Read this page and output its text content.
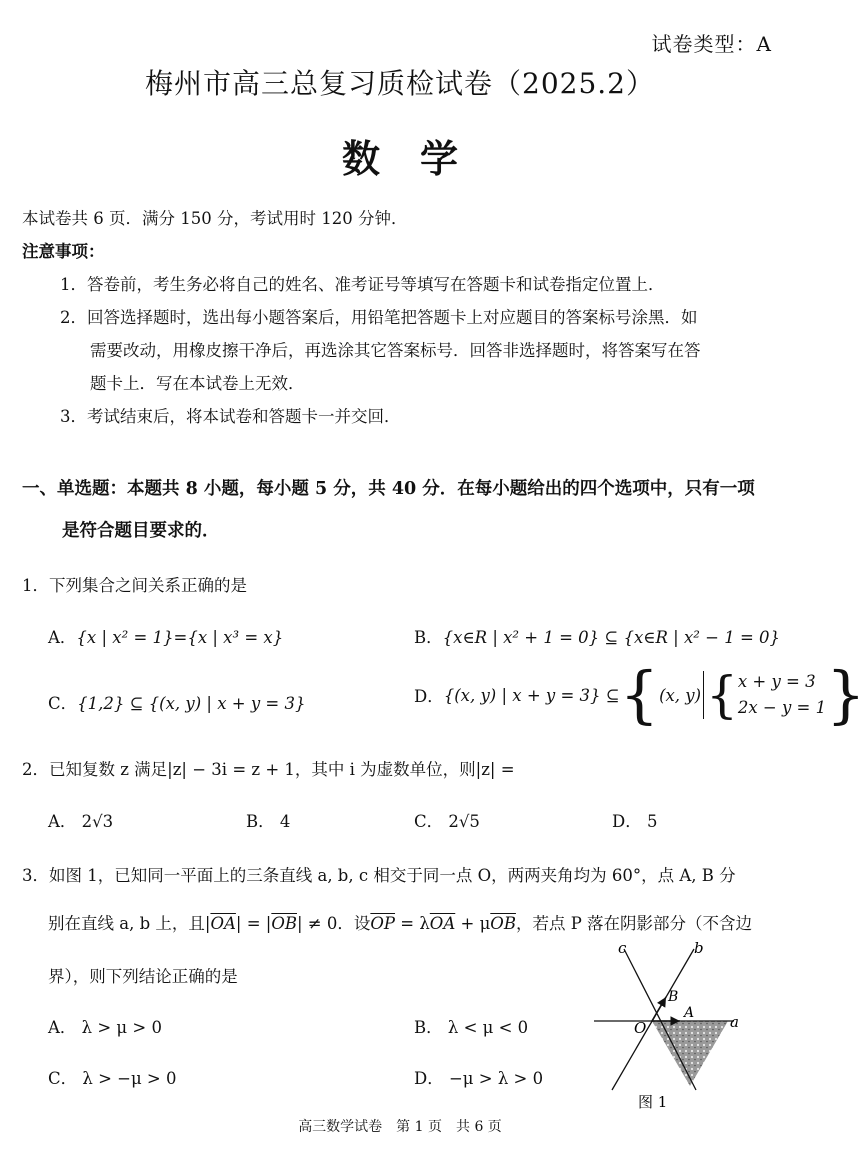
试卷类型：A
梅州市高三总复习质检试卷（2025.2）
数学
本试卷共 6 页．满分 150 分，考试用时 120 分钟．
注意事项：
1．答卷前，考生务必将自己的姓名、准考证号等填写在答题卡和试卷指定位置上．
2．回答选择题时，选出每小题答案后，用铅笔把答题卡上对应题目的答案标号涂黑．如
需要改动，用橡皮擦干净后，再选涂其它答案标号．回答非选择题时，将答案写在答
题卡上．写在本试卷上无效．
3．考试结束后，将本试卷和答题卡一并交回．
一、单选题：本题共 8 小题，每小题 5 分，共 40 分．在每小题给出的四个选项中，只有一项
是符合题目要求的．
1．下列集合之间关系正确的是
A．{x | x² = 1}={x | x³ = x}	B．{x∈R | x² + 1 = 0} ⊆ {x∈R | x² − 1 = 0}
C．{1,2} ⊆ {(x, y) | x + y = 3}	D． {(x, y) | x + y = 3} ⊆ { (x, y) { x + y = 3
2x − y = 1 }
2．已知复数 z 满足|z| − 3i = z + 1，其中 i 为虚数单位，则|z| =
A． 2√3	B． 4	C． 2√5	D． 5
3．如图 1，已知同一平面上的三条直线 a, b, c 相交于同一点 O，两两夹角均为 60°，点 A, B 分
别在直线 a, b 上，且$|\overline{OA}| = |\overline{OB}| \ne 0$．设$\overline{OP} = \lambda\overline{OA} + \mu\overline{OB}$，若点 P 落在阴影部分（不含边
界），则下列结论正确的是
A． λ > μ > 0	B． λ < μ < 0
C． λ > −μ > 0	D． −μ > λ > 0
c	b
a
O
B
A
图 1
高三数学试卷　第 1 页　共 6 页
